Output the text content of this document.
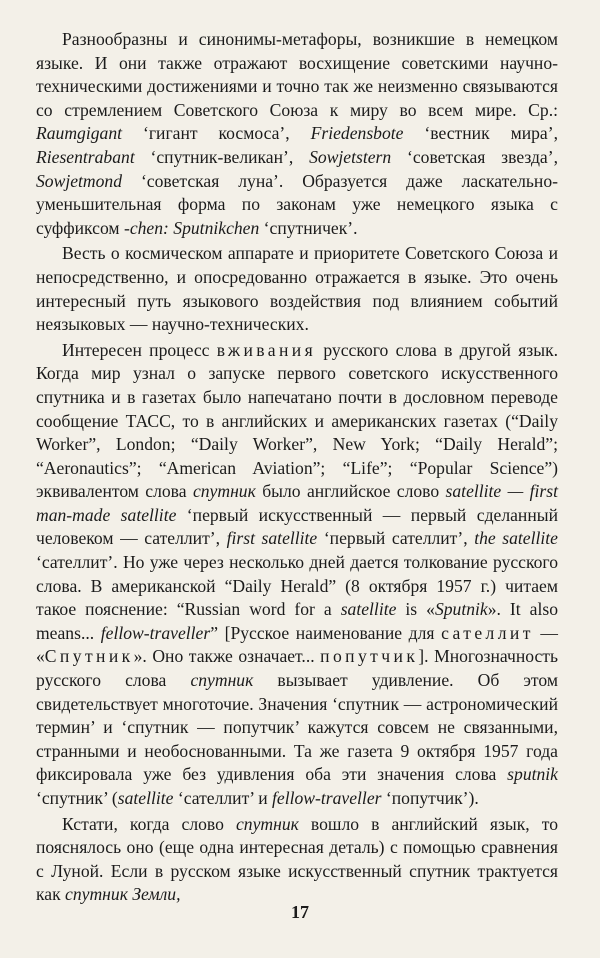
Разнообразны и синонимы-метафоры, возникшие в немецком языке. И они также отражают восхищение советскими научно-техническими достижениями и точно так же неизменно связываются со стремлением Советского Союза к миру во всем мире. Ср.: Raumgigant ‘гигант космоса’, Friedensbote ‘вестник мира’, Riesentrabant ‘спутник-великан’, Sowjetstern ‘советская звезда’, Sowjetmond ‘советская луна’. Образуется даже ласкательно-уменьшительная форма по законам уже немецкого языка с суффиксом -chen: Sputnikchen ‘спутничек’.

Весть о космическом аппарате и приоритете Советского Союза и непосредственно, и опосредованно отражается в языке. Это очень интересный путь языкового воздействия под влиянием событий неязыковых — научно-технических.

Интересен процесс вживания русского слова в другой язык. Когда мир узнал о запуске первого советского искусственного спутника и в газетах было напечатано почти в дословном переводе сообщение ТАСС, то в английских и американских газетах (“Daily Worker”, London; “Daily Worker”, New York; “Daily Herald”; “Aeronautics”; “American Aviation”; “Life”; “Popular Science”) эквивалентом слова спутник было английское слово satellite — first man-made satellite ‘первый искусственный — первый сделанный человеком — сателлит’, first satellite ‘первый сателлит’, the satellite ‘сателлит’. Но уже через несколько дней дается толкование русского слова. В американской “Daily Herald” (8 октября 1957 г.) читаем такое пояснение: “Russian word for a satellite is «Sputnik». It also means... fellow-traveller” [Русское наименование для сателлит — «Спутник». Оно также означает... попутчик]. Многозначность русского слова спутник вызывает удивление. Об этом свидетельствует многоточие. Значения ‘спутник — астрономический термин’ и ‘спутник — попутчик’ кажутся совсем не связанными, странными и необоснованными. Та же газета 9 октября 1957 года фиксировала уже без удивления оба эти значения слова sputnik ‘спутник’ (satellite ‘сателлит’ и fellow-traveller ‘попутчик’).

Кстати, когда слово спутник вошло в английский язык, то пояснялось оно (еще одна интересная деталь) с помощью сравнения с Луной. Если в русском языке искусственный спутник трактуется как спутник Земли,

17
